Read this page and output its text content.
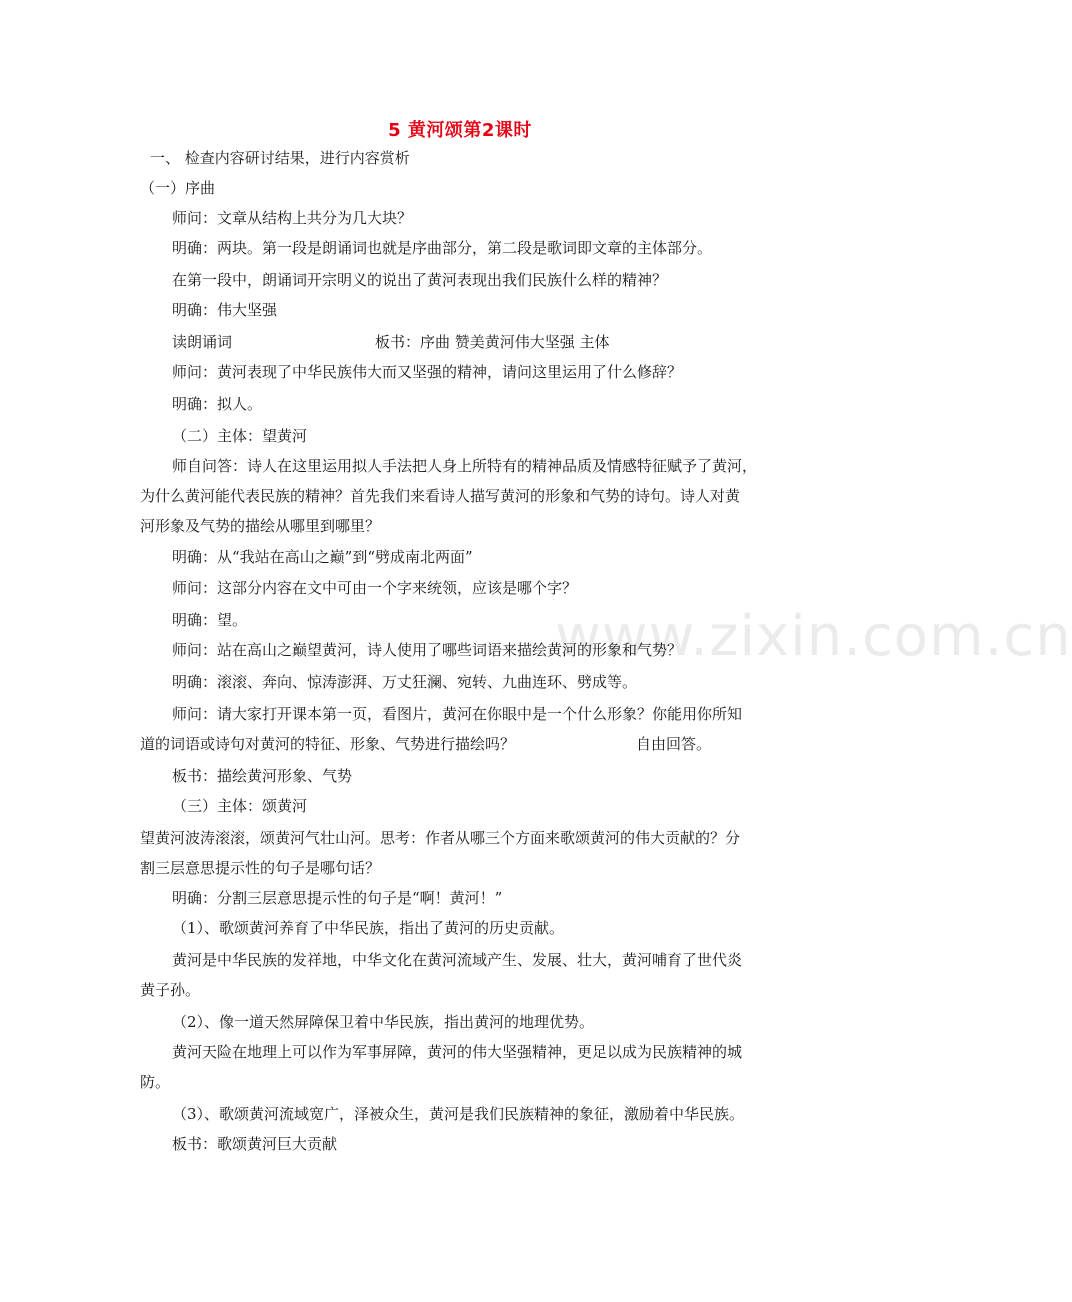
5 黄河颂第2课时
www.zixin.com.cn
一、 检查内容研讨结果，进行内容赏析
（一）序曲
师问：文章从结构上共分为几大块？
明确：两块。第一段是朗诵词也就是序曲部分，第二段是歌词即文章的主体部分。
在第一段中，朗诵词开宗明义的说出了黄河表现出我们民族什么样的精神？
明确：伟大坚强
读朗诵词	板书：序曲 赞美黄河伟大坚强 主体
师问：黄河表现了中华民族伟大而又坚强的精神，请问这里运用了什么修辞？
明确：拟人。
（二）主体：望黄河
师自问答：诗人在这里运用拟人手法把人身上所特有的精神品质及情感特征赋予了黄河，
为什么黄河能代表民族的精神？首先我们来看诗人描写黄河的形象和气势的诗句。诗人对黄
河形象及气势的描绘从哪里到哪里？
明确：从“我站在高山之巅”到“劈成南北两面”
师问：这部分内容在文中可由一个字来统领，应该是哪个字？
明确：望。
师问：站在高山之巅望黄河，诗人使用了哪些词语来描绘黄河的形象和气势？
明确：滚滚、奔向、惊涛澎湃、万丈狂澜、宛转、九曲连环、劈成等。
师问：请大家打开课本第一页，看图片，黄河在你眼中是一个什么形象？你能用你所知
道的词语或诗句对黄河的特征、形象、气势进行描绘吗？	自由回答。
板书：描绘黄河形象、气势
（三）主体：颂黄河
望黄河波涛滚滚，颂黄河气壮山河。思考：作者从哪三个方面来歌颂黄河的伟大贡献的？分
割三层意思提示性的句子是哪句话？
明确：分割三层意思提示性的句子是“啊！黄河！”
（1）、歌颂黄河养育了中华民族，指出了黄河的历史贡献。
黄河是中华民族的发祥地，中华文化在黄河流域产生、发展、壮大，黄河哺育了世代炎
黄子孙。
（2）、像一道天然屏障保卫着中华民族，指出黄河的地理优势。
黄河天险在地理上可以作为军事屏障，黄河的伟大坚强精神，更足以成为民族精神的城
防。
（3）、歌颂黄河流域宽广，泽被众生，黄河是我们民族精神的象征，激励着中华民族。
板书：歌颂黄河巨大贡献
